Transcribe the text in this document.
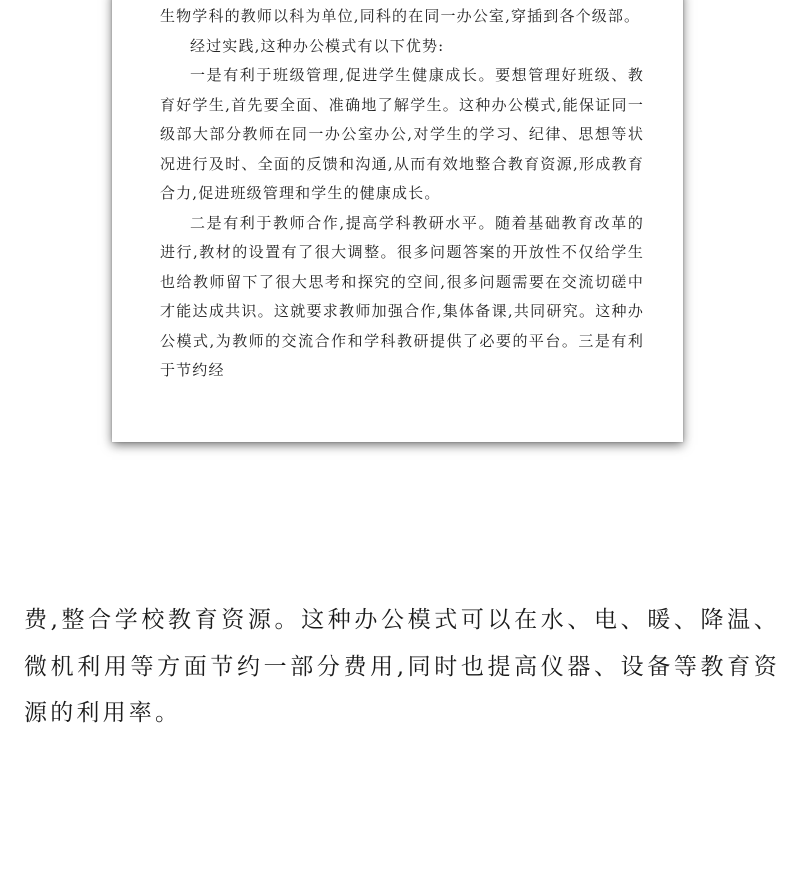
生物学科的教师以科为单位,同科的在同一办公室,穿插到各个级部。

经过实践,这种办公模式有以下优势:

一是有利于班级管理,促进学生健康成长。要想管理好班级、教育好学生,首先要全面、准确地了解学生。这种办公模式,能保证同一级部大部分教师在同一办公室办公,对学生的学习、纪律、思想等状况进行及时、全面的反馈和沟通,从而有效地整合教育资源,形成教育合力,促进班级管理和学生的健康成长。

二是有利于教师合作,提高学科教研水平。随着基础教育改革的进行,教材的设置有了很大调整。很多问题答案的开放性不仅给学生也给教师留下了很大思考和探究的空间,很多问题需要在交流切磋中才能达成共识。这就要求教师加强合作,集体备课,共同研究。这种办公模式,为教师的交流合作和学科教研提供了必要的平台。三是有利于节约经

费,整合学校教育资源。这种办公模式可以在水、电、暖、降温、微机利用等方面节约一部分费用,同时也提高仪器、设备等教育资源的利用率。
